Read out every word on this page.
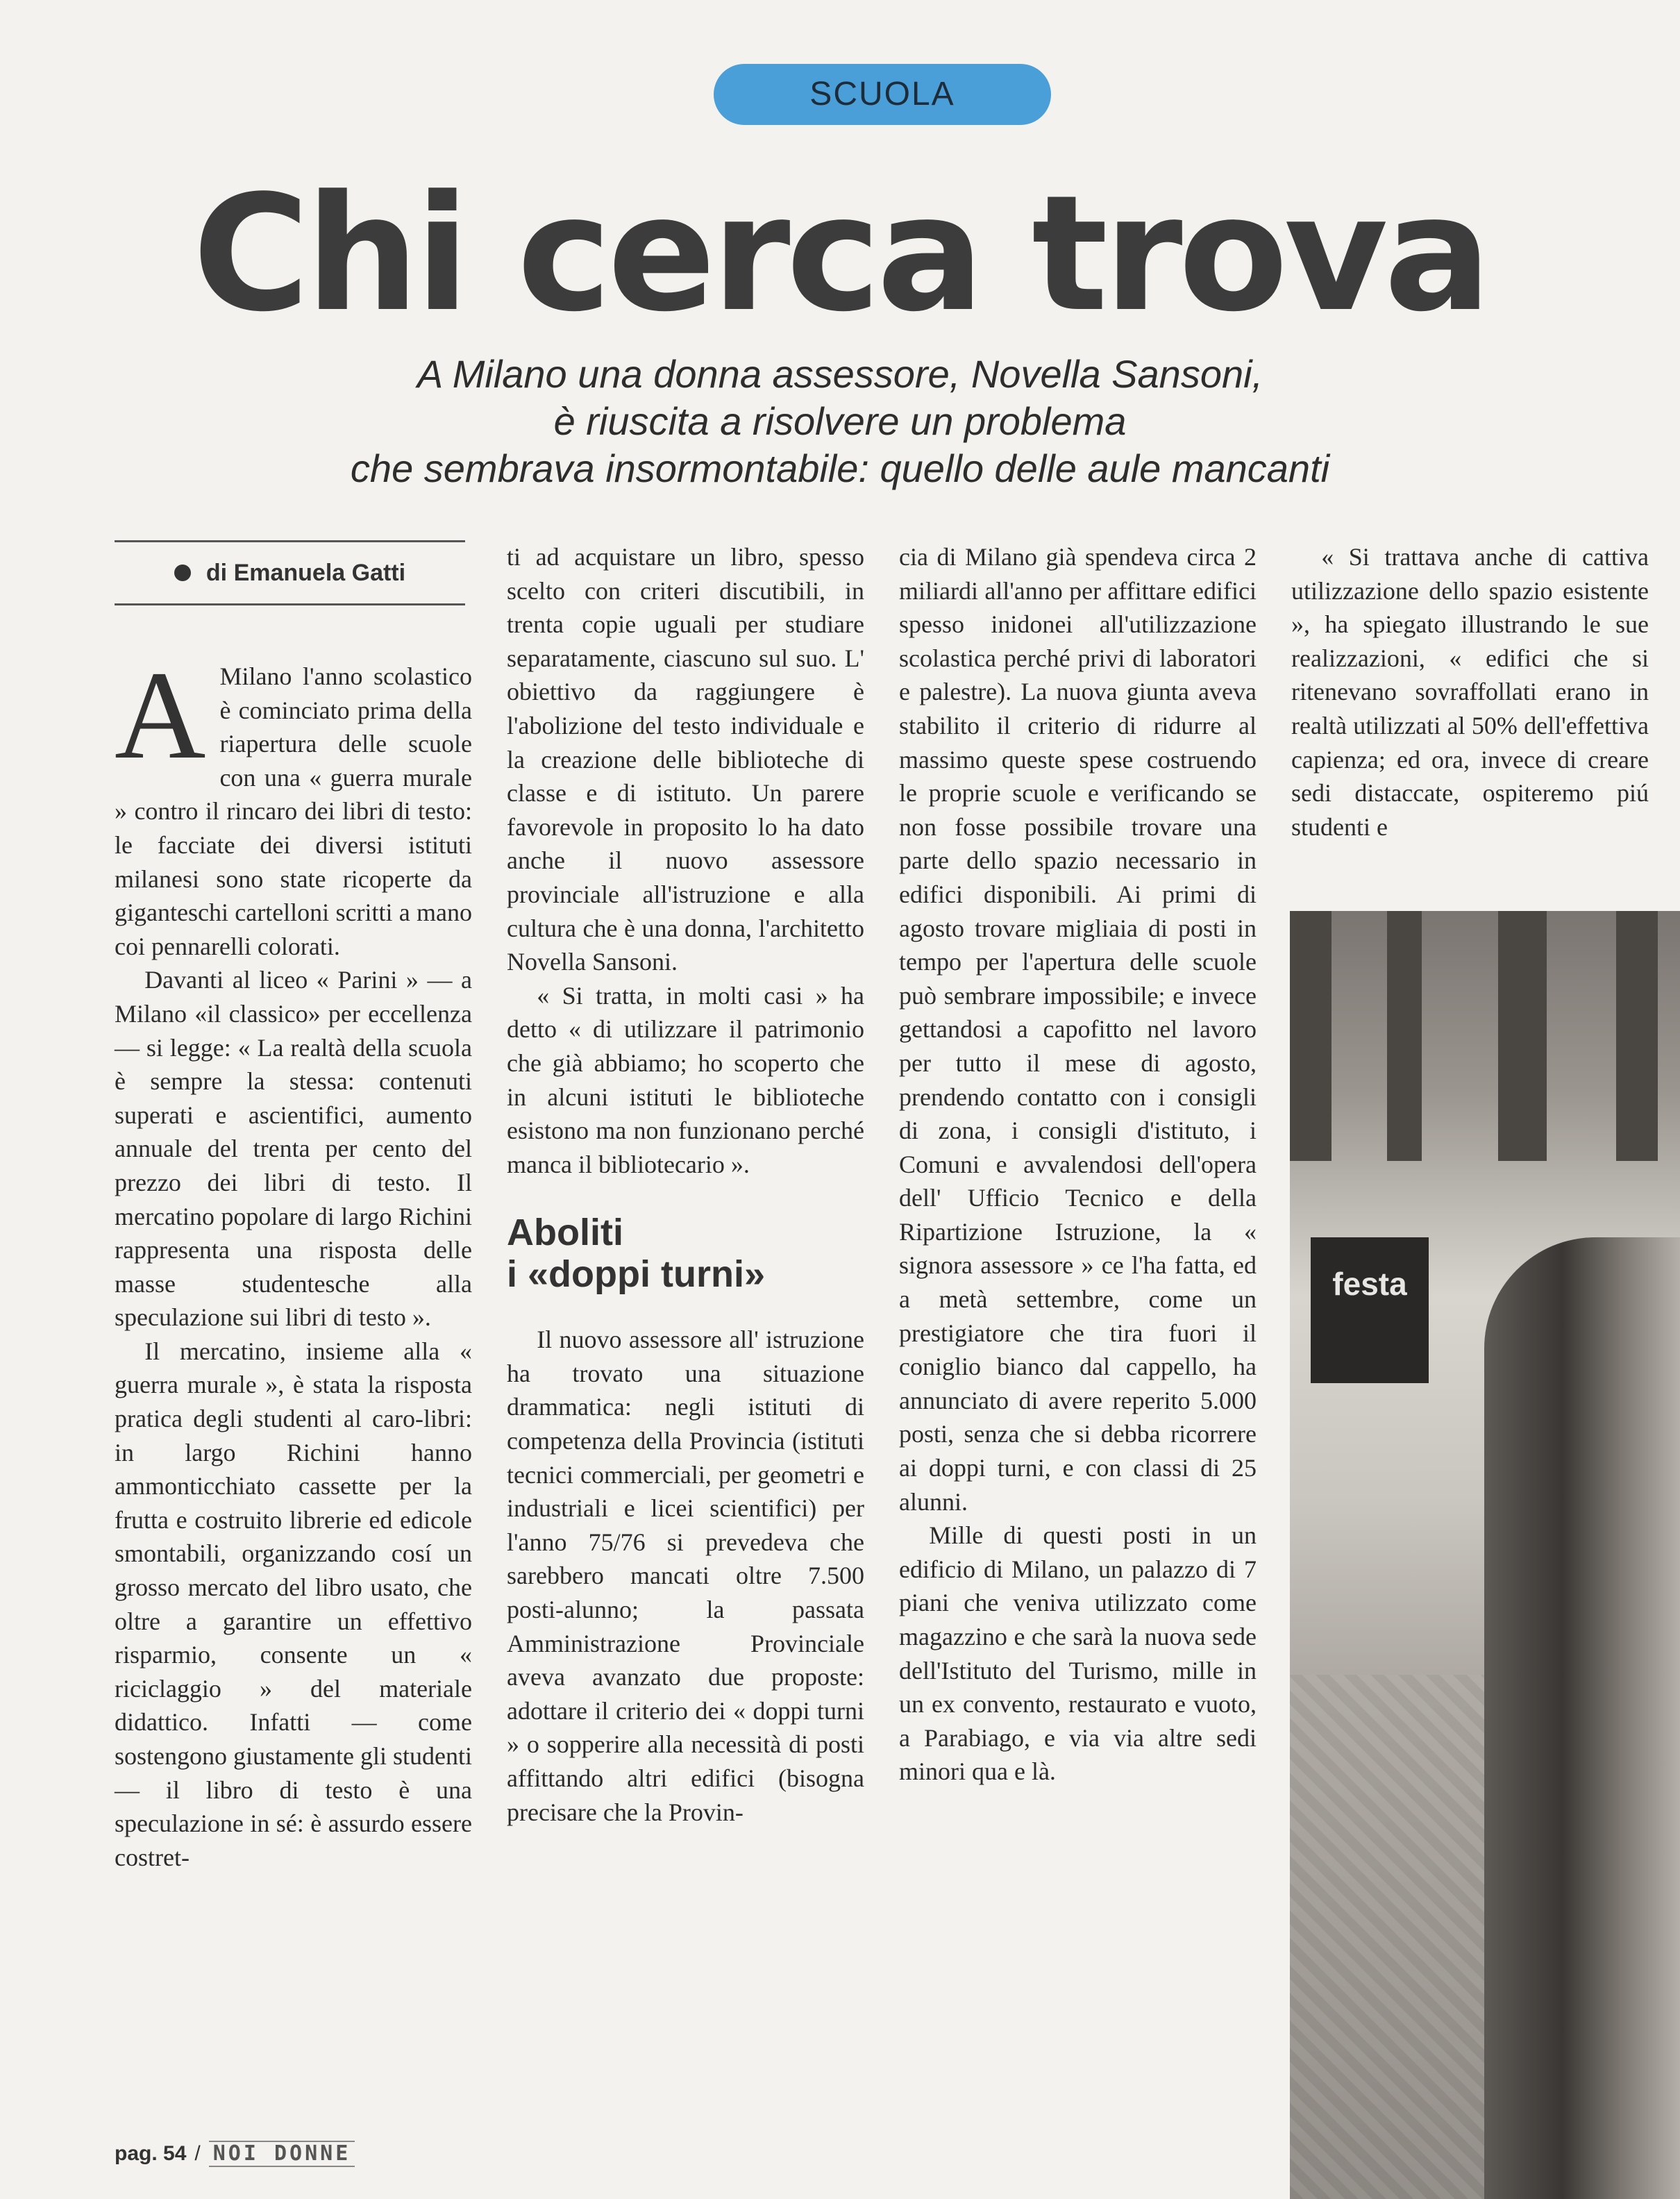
SCUOLA
Chi cerca trova
A Milano una donna assessore, Novella Sansoni,
è riuscita a risolvere un problema
che sembrava insormontabile: quello delle aule mancanti
di Emanuela Gatti

A Milano l'anno scolastico è cominciato prima della riapertura delle scuole con una « guerra murale » contro il rincaro dei libri di testo: le facciate dei diversi istituti milanesi sono state ricoperte da giganteschi cartelloni scritti a mano coi pennarelli colorati.

Davanti al liceo « Parini » — a Milano «il classico» per eccellenza — si legge: « La realtà della scuola è sempre la stessa: contenuti superati e ascientifici, aumento annuale del trenta per cento del prezzo dei libri di testo. Il mercatino popolare di largo Richini rappresenta una risposta delle masse studentesche alla speculazione sui libri di testo ».

Il mercatino, insieme alla « guerra murale », è stata la risposta pratica degli studenti al caro-libri: in largo Richini hanno ammonticchiato cassette per la frutta e costruito librerie ed edicole smontabili, organizzando cosí un grosso mercato del libro usato, che oltre a garantire un effettivo risparmio, consente un « riciclaggio » del materiale didattico. Infatti — come sostengono giustamente gli studenti — il libro di testo è una speculazione in sé: è assurdo essere costret-

ti ad acquistare un libro, spesso scelto con criteri discutibili, in trenta copie uguali per studiare separatamente, ciascuno sul suo. L' obiettivo da raggiungere è l'abolizione del testo individuale e la creazione delle biblioteche di classe e di istituto. Un parere favorevole in proposito lo ha dato anche il nuovo assessore provinciale all'istruzione e alla cultura che è una donna, l'architetto Novella Sansoni.

« Si tratta, in molti casi » ha detto « di utilizzare il patrimonio che già abbiamo; ho scoperto che in alcuni istituti le biblioteche esistono ma non funzionano perché manca il bibliotecario ».

Aboliti
i «doppi turni»

Il nuovo assessore all' istruzione ha trovato una situazione drammatica: negli istituti di competenza della Provincia (istituti tecnici commerciali, per geometri e industriali e licei scientifici) per l'anno 75/76 si prevedeva che sarebbero mancati oltre 7.500 posti-alunno; la passata Amministrazione Provinciale aveva avanzato due proposte: adottare il criterio dei « doppi turni » o sopperire alla necessità di posti affittando altri edifici (bisogna precisare che la Provin-

cia di Milano già spendeva circa 2 miliardi all'anno per affittare edifici spesso inidonei all'utilizzazione scolastica perché privi di laboratori e palestre). La nuova giunta aveva stabilito il criterio di ridurre al massimo queste spese costruendo le proprie scuole e verificando se non fosse possibile trovare una parte dello spazio necessario in edifici disponibili. Ai primi di agosto trovare migliaia di posti in tempo per l'apertura delle scuole può sembrare impossibile; e invece gettandosi a capofitto nel lavoro per tutto il mese di agosto, prendendo contatto con i consigli di zona, i consigli d'istituto, i Comuni e avvalendosi dell'opera dell' Ufficio Tecnico e della Ripartizione Istruzione, la « signora assessore » ce l'ha fatta, ed a metà settembre, come un prestigiatore che tira fuori il coniglio bianco dal cappello, ha annunciato di avere reperito 5.000 posti, senza che si debba ricorrere ai doppi turni, e con classi di 25 alunni.

Mille di questi posti in un edificio di Milano, un palazzo di 7 piani che veniva utilizzato come magazzino e che sarà la nuova sede dell'Istituto del Turismo, mille in un ex convento, restaurato e vuoto, a Parabiago, e via via altre sedi minori qua e là.

« Si trattava anche di cattiva utilizzazione dello spazio esistente », ha spiegato illustrando le sue realizzazioni, « edifici che si ritenevano sovraffollati erano in realtà utilizzati al 50% dell'effettiva capienza; ed ora, invece di creare sedi distaccate, ospiteremo piú studenti e

festa
pag. 54 / NOI DONNE
